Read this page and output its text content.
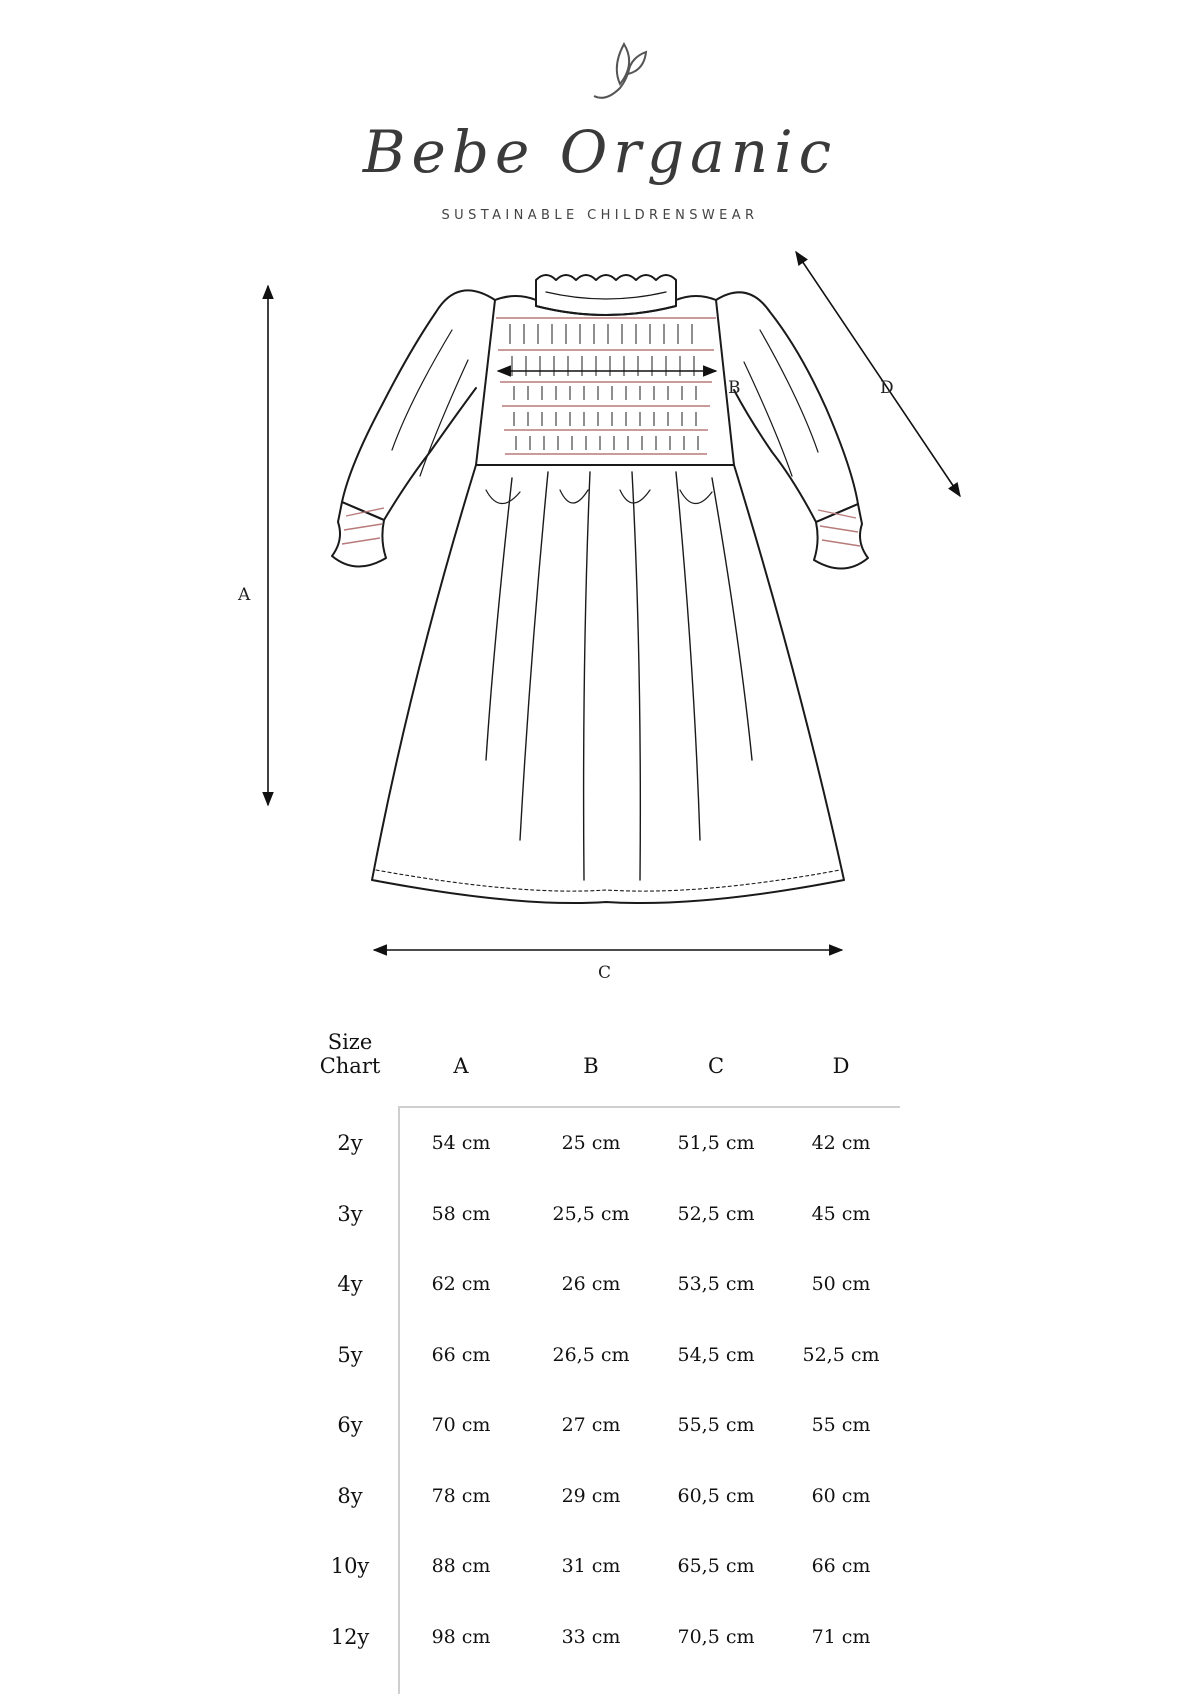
Bebe Organic
SUSTAINABLE CHILDRENSWEAR
A
B
C
D
Size
Chart	A	B	C	D
2y	54 cm	25 cm	51,5 cm	42 cm
3y	58 cm	25,5 cm	52,5 cm	45 cm
4y	62 cm	26 cm	53,5 cm	50 cm
5y	66 cm	26,5 cm	54,5 cm	52,5 cm
6y	70 cm	27 cm	55,5 cm	55 cm
8y	78 cm	29 cm	60,5 cm	60 cm
10y	88 cm	31 cm	65,5 cm	66 cm
12y	98 cm	33 cm	70,5 cm	71 cm
